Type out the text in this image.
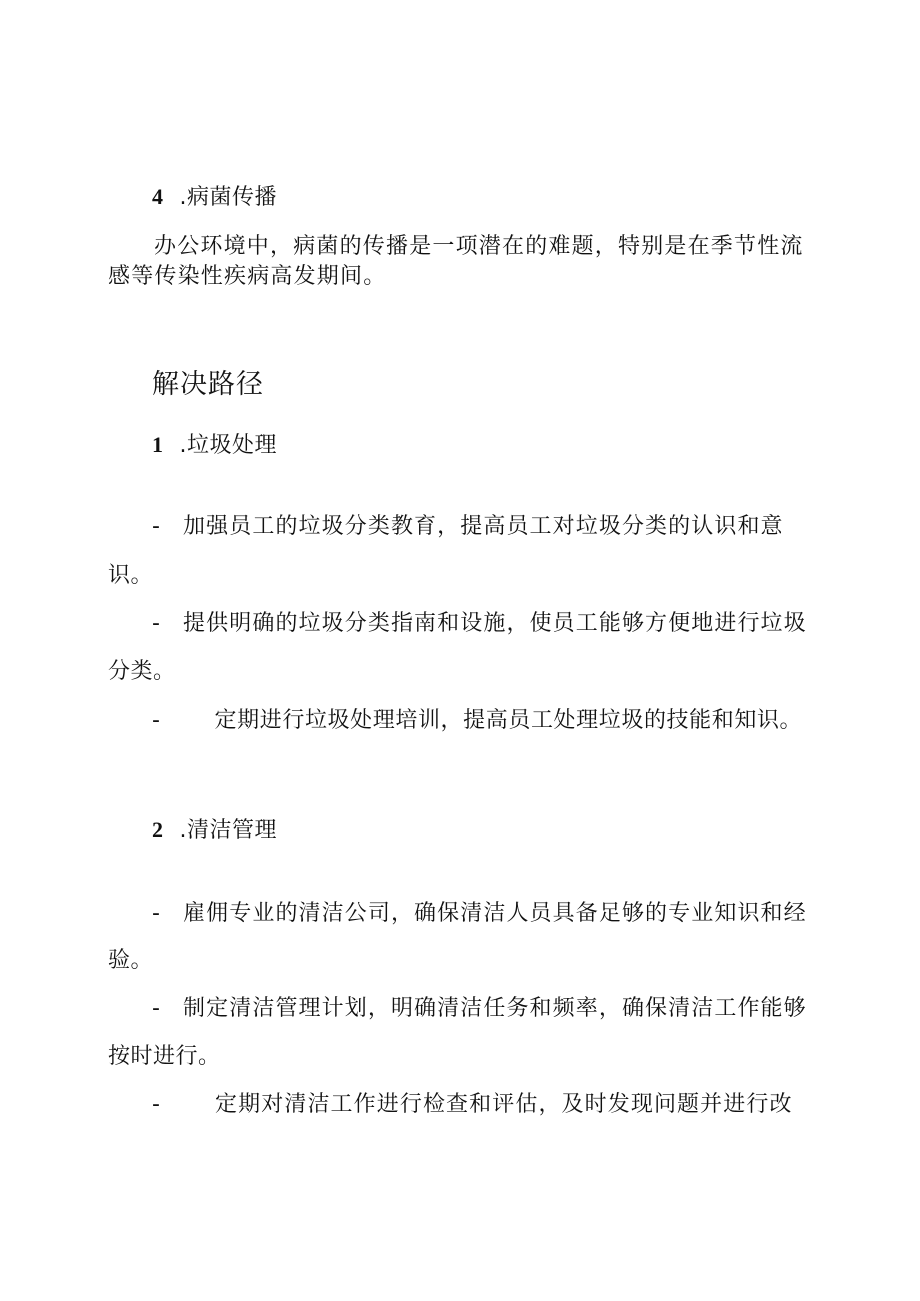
4 .病菌传播
办公环境中，病菌的传播是一项潜在的难题，特别是在季节性流
感等传染性疾病高发期间。
解决路径
1 .垃圾处理
- 加强员工的垃圾分类教育，提高员工对垃圾分类的认识和意
识。
- 提供明确的垃圾分类指南和设施，使员工能够方便地进行垃圾
分类。
- 定期进行垃圾处理培训，提高员工处理垃圾的技能和知识。
2 .清洁管理
- 雇佣专业的清洁公司，确保清洁人员具备足够的专业知识和经
验。
- 制定清洁管理计划，明确清洁任务和频率，确保清洁工作能够
按时进行。
- 定期对清洁工作进行检查和评估，及时发现问题并进行改
